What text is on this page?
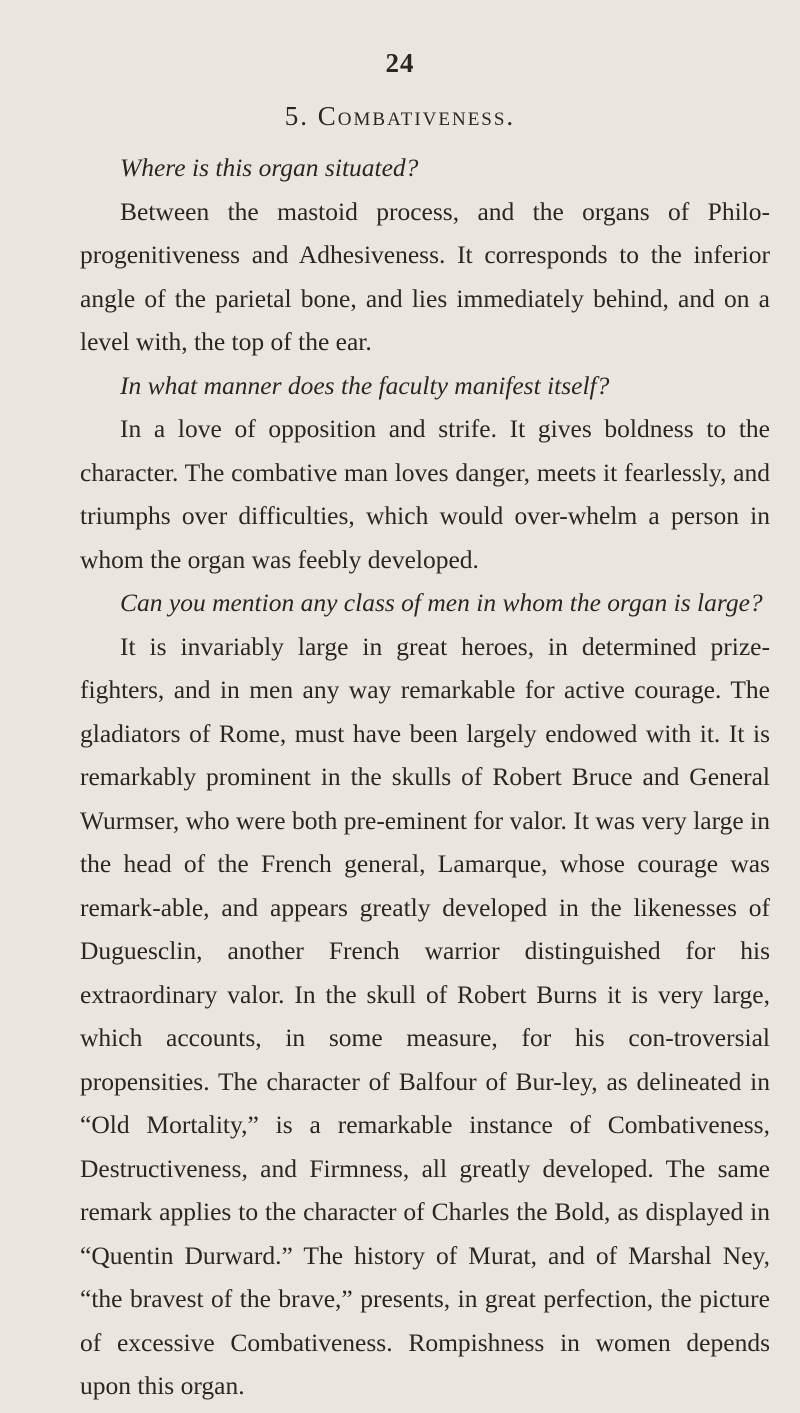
24
5. Combativeness.

Where is this organ situated?

Between the mastoid process, and the organs of Philo-progenitiveness and Adhesiveness. It corresponds to the inferior angle of the parietal bone, and lies immediately behind, and on a level with, the top of the ear.

In what manner does the faculty manifest itself?

In a love of opposition and strife. It gives boldness to the character. The combative man loves danger, meets it fearlessly, and triumphs over difficulties, which would over-whelm a person in whom the organ was feebly developed.

Can you mention any class of men in whom the organ is large?

It is invariably large in great heroes, in determined prize-fighters, and in men any way remarkable for active courage. The gladiators of Rome, must have been largely endowed with it. It is remarkably prominent in the skulls of Robert Bruce and General Wurmser, who were both pre-eminent for valor. It was very large in the head of the French general, Lamarque, whose courage was remark-able, and appears greatly developed in the likenesses of Duguesclin, another French warrior distinguished for his extraordinary valor. In the skull of Robert Burns it is very large, which accounts, in some measure, for his con-troversial propensities. The character of Balfour of Bur-ley, as delineated in “Old Mortality,” is a remarkable instance of Combativeness, Destructiveness, and Firmness, all greatly developed. The same remark applies to the character of Charles the Bold, as displayed in “Quentin Durward.” The history of Murat, and of Marshal Ney, “the bravest of the brave,” presents, in great perfection, the picture of excessive Combativeness. Rompishness in women depends upon this organ.
